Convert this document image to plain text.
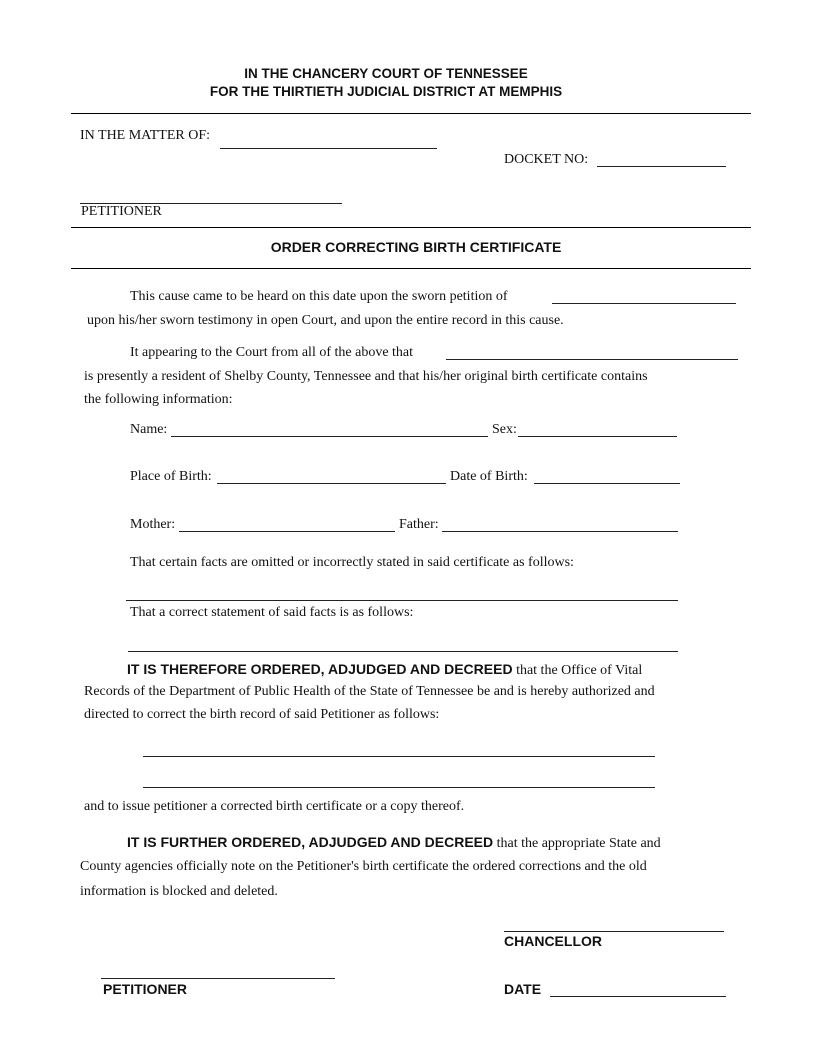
IN THE CHANCERY COURT OF TENNESSEE
FOR THE THIRTIETH JUDICIAL DISTRICT AT MEMPHIS
IN THE MATTER OF:
DOCKET NO:
PETITIONER
ORDER CORRECTING BIRTH CERTIFICATE
This cause came to be heard on this date upon the sworn petition of
upon his/her sworn testimony in open Court, and upon the entire record in this cause.
It appearing to the Court from all of the above that
is presently a resident of Shelby County, Tennessee and that his/her original birth certificate contains
the following information:
Name:	Sex:
Place of Birth:	Date of Birth:
Mother:	Father:
That certain facts are omitted or incorrectly stated in said certificate as follows:
That a correct statement of said facts is as follows:
IT IS THEREFORE ORDERED, ADJUDGED AND DECREED that the Office of Vital
Records of the Department of Public Health of the State of Tennessee be and is hereby authorized and
directed to correct the birth record of said Petitioner as follows:
and to issue petitioner a corrected birth certificate or a copy thereof.
IT IS FURTHER ORDERED, ADJUDGED AND DECREED that the appropriate State and
County agencies officially note on the Petitioner's birth certificate the ordered corrections and the old
information is blocked and deleted.
CHANCELLOR
PETITIONER	DATE
